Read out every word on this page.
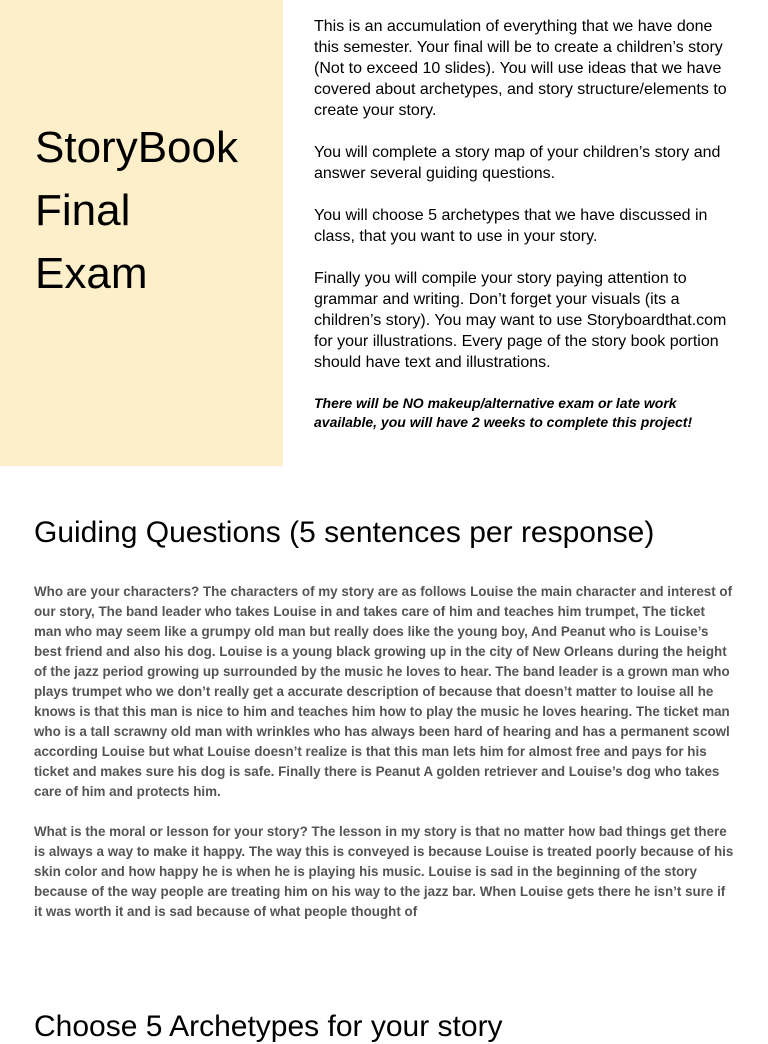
StoryBook
Final
Exam

This is an accumulation of everything that we have done this semester. Your final will be to create a children’s story (Not to exceed 10 slides). You will use ideas that we have covered about archetypes, and story structure/elements to create your story.

You will complete a story map of your children’s story and answer several guiding questions.

You will choose 5 archetypes that we have discussed in class, that you want to use in your story.

Finally you will compile your story paying attention to grammar and writing. Don’t forget your visuals (its a children’s story). You may want to use Storyboardthat.com for your illustrations. Every page of the story book portion should have text and illustrations.

There will be NO makeup/alternative exam or late work available, you will have 2 weeks to complete this project!

Guiding Questions (5 sentences per response)

Who are your characters? The characters of my story are as follows Louise the main character and interest of our story, The band leader who takes Louise in and takes care of him and teaches him trumpet, The ticket man who may seem like a grumpy old man but really does like the young boy, And Peanut who is Louise’s best friend and also his dog. Louise is a young black growing up in the city of New Orleans during the height of the jazz period growing up surrounded by the music he loves to hear. The band leader is a grown man who plays trumpet who we don’t really get a accurate description of because that doesn’t matter to louise all he knows is that this man is nice to him and teaches him how to play the music he loves hearing. The ticket man who is a tall scrawny old man with wrinkles who has always been hard of hearing and has a permanent scowl according Louise but what Louise doesn’t realize is that this man lets him for almost free and pays for his ticket and makes sure his dog is safe. Finally there is Peanut A golden retriever and Louise’s dog who takes care of him and protects him.

What is the moral or lesson for your story? The lesson in my story is that no matter how bad things get there is always a way to make it happy. The way this is conveyed is because Louise is treated poorly because of his skin color and how happy he is when he is playing his music. Louise is sad in the beginning of the story because of the way people are treating him on his way to the jazz bar. When Louise gets there he isn’t sure if it was worth it and is sad because of what people thought of

Choose 5 Archetypes for your story
